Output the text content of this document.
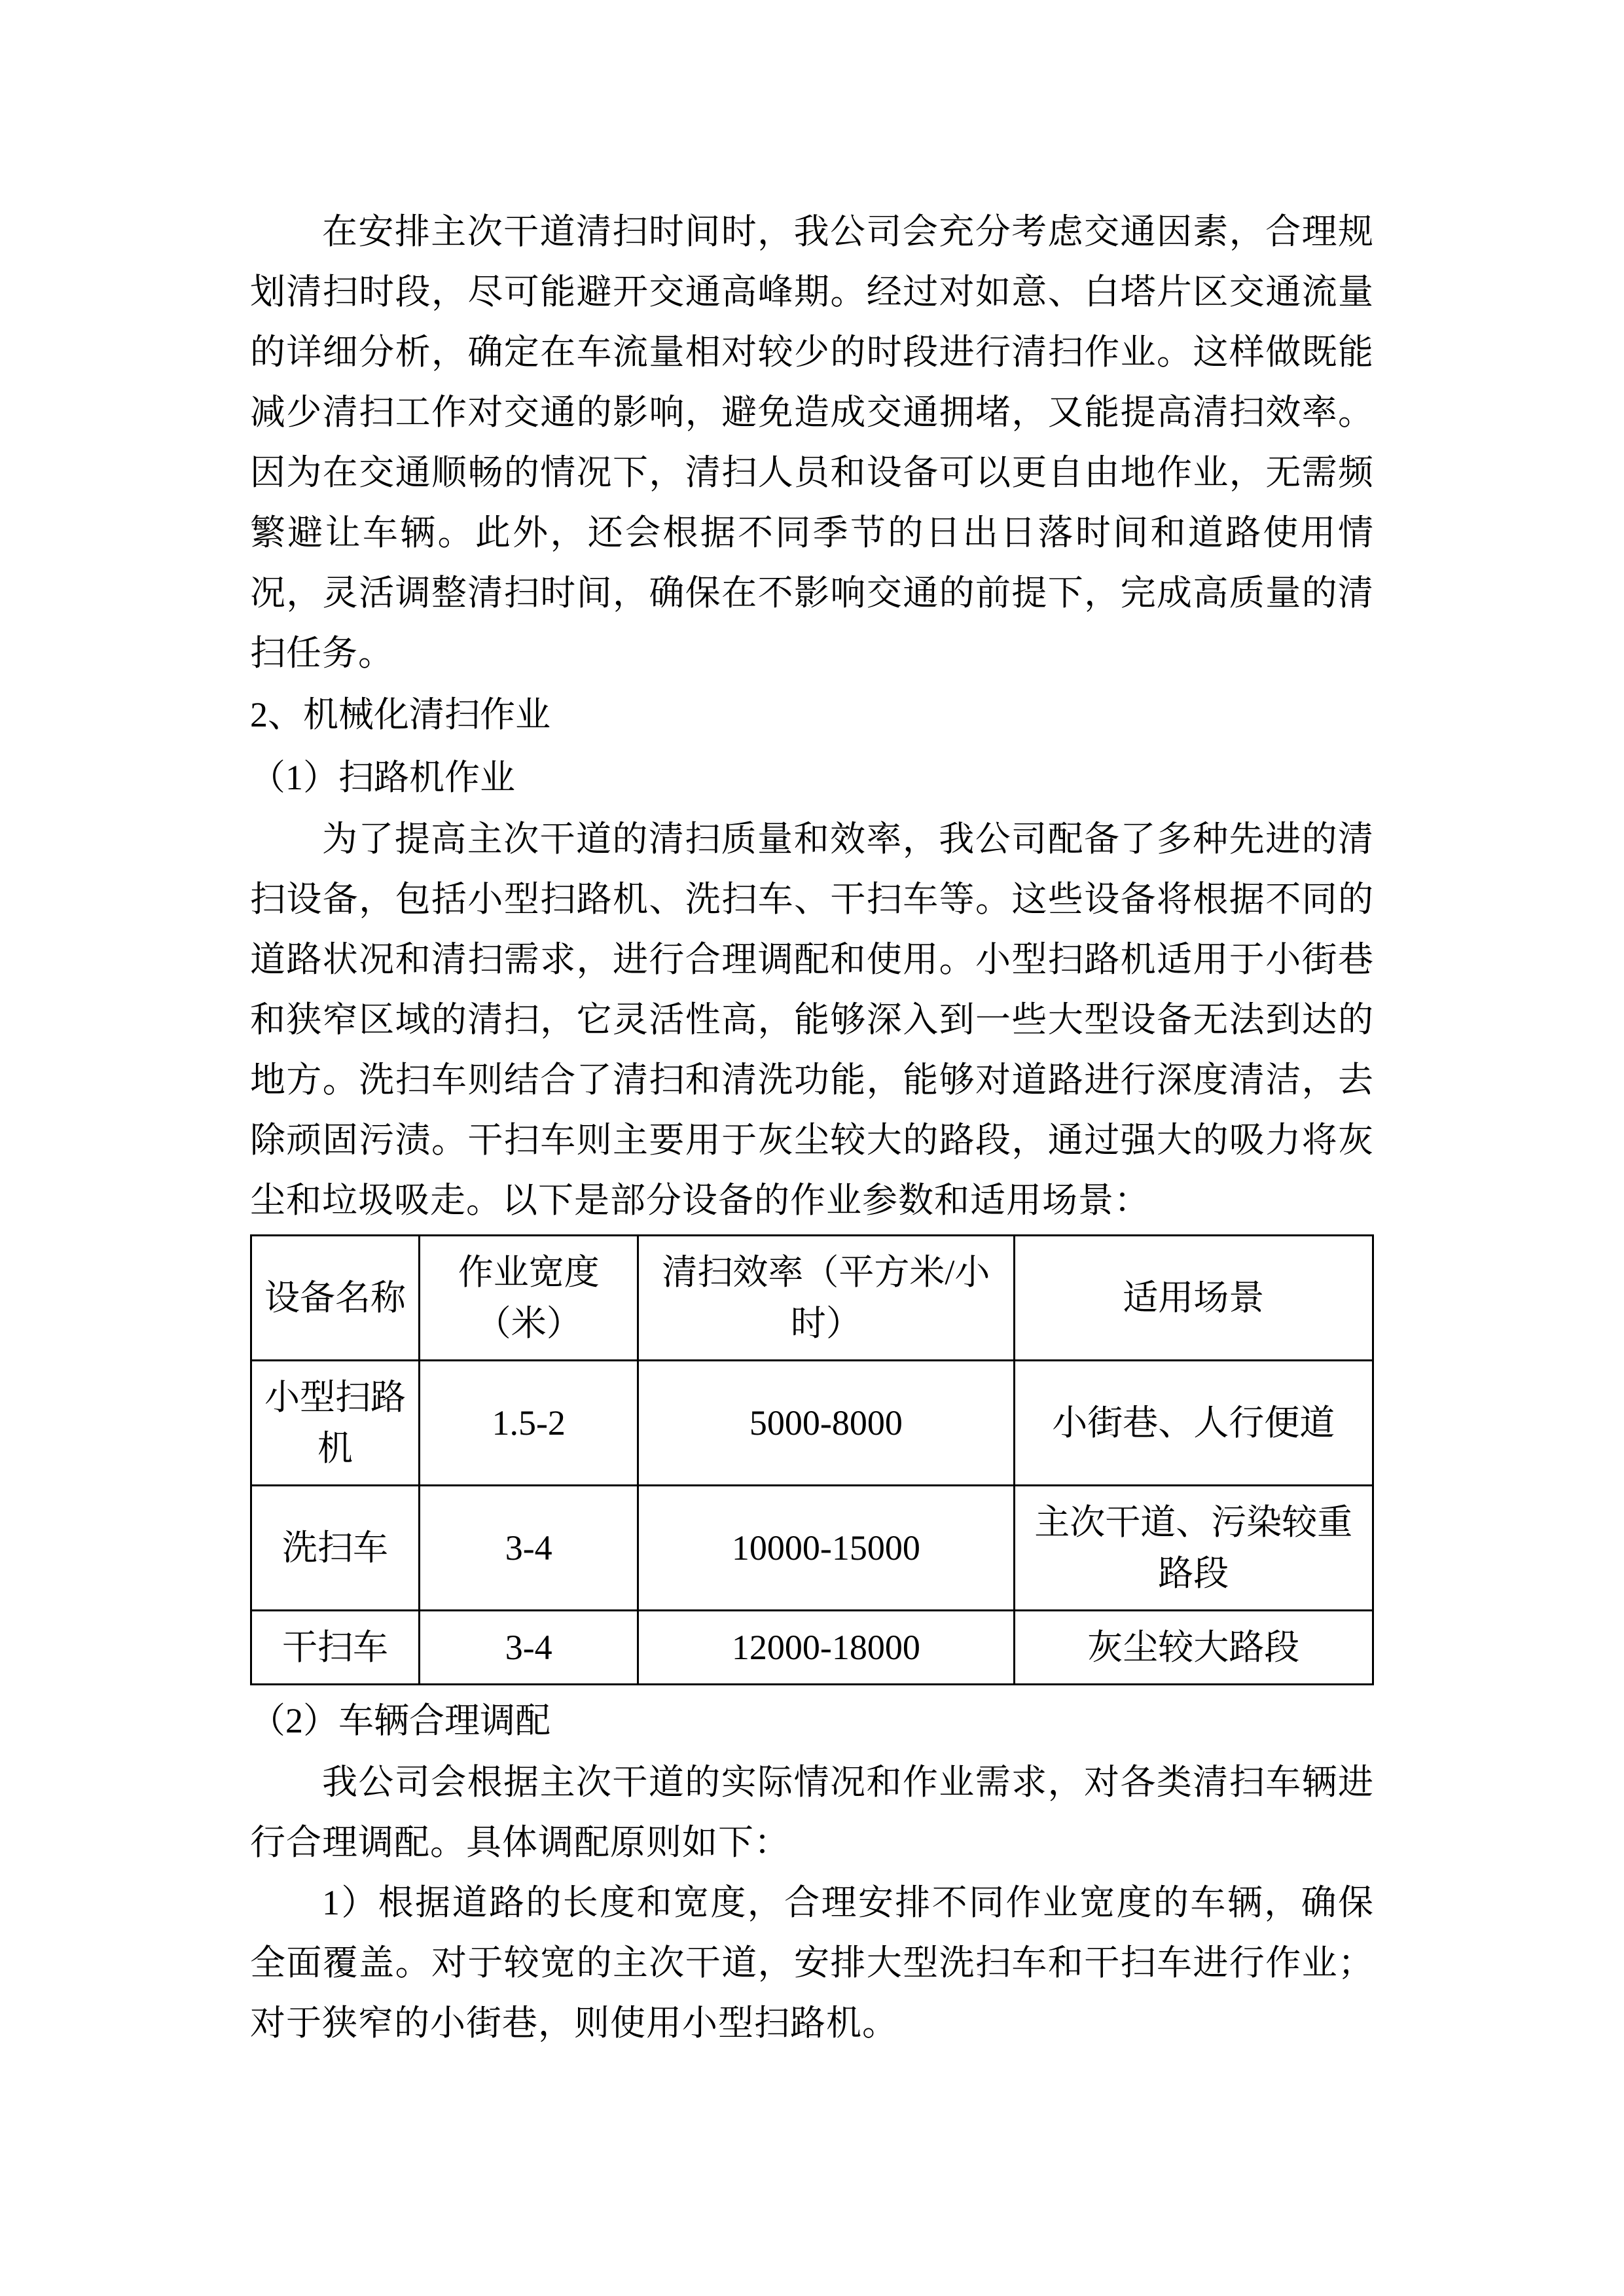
在安排主次干道清扫时间时，我公司会充分考虑交通因素，合理规划清扫时段，尽可能避开交通高峰期。经过对如意、白塔片区交通流量的详细分析，确定在车流量相对较少的时段进行清扫作业。这样做既能减少清扫工作对交通的影响，避免造成交通拥堵，又能提高清扫效率。因为在交通顺畅的情况下，清扫人员和设备可以更自由地作业，无需频繁避让车辆。此外，还会根据不同季节的日出日落时间和道路使用情况，灵活调整清扫时间，确保在不影响交通的前提下，完成高质量的清扫任务。

2、机械化清扫作业

（1）扫路机作业

为了提高主次干道的清扫质量和效率，我公司配备了多种先进的清扫设备，包括小型扫路机、洗扫车、干扫车等。这些设备将根据不同的道路状况和清扫需求，进行合理调配和使用。小型扫路机适用于小街巷和狭窄区域的清扫，它灵活性高，能够深入到一些大型设备无法到达的地方。洗扫车则结合了清扫和清洗功能，能够对道路进行深度清洁，去除顽固污渍。干扫车则主要用于灰尘较大的路段，通过强大的吸力将灰尘和垃圾吸走。以下是部分设备的作业参数和适用场景：

设备名称	作业宽度（米）	清扫效率（平方米/小时）	适用场景
小型扫路机	1.5-2	5000-8000	小街巷、人行便道
洗扫车	3-4	10000-15000	主次干道、污染较重路段
干扫车	3-4	12000-18000	灰尘较大路段

（2）车辆合理调配

我公司会根据主次干道的实际情况和作业需求，对各类清扫车辆进行合理调配。具体调配原则如下：

1）根据道路的长度和宽度，合理安排不同作业宽度的车辆，确保全面覆盖。对于较宽的主次干道，安排大型洗扫车和干扫车进行作业；对于狭窄的小街巷，则使用小型扫路机。
